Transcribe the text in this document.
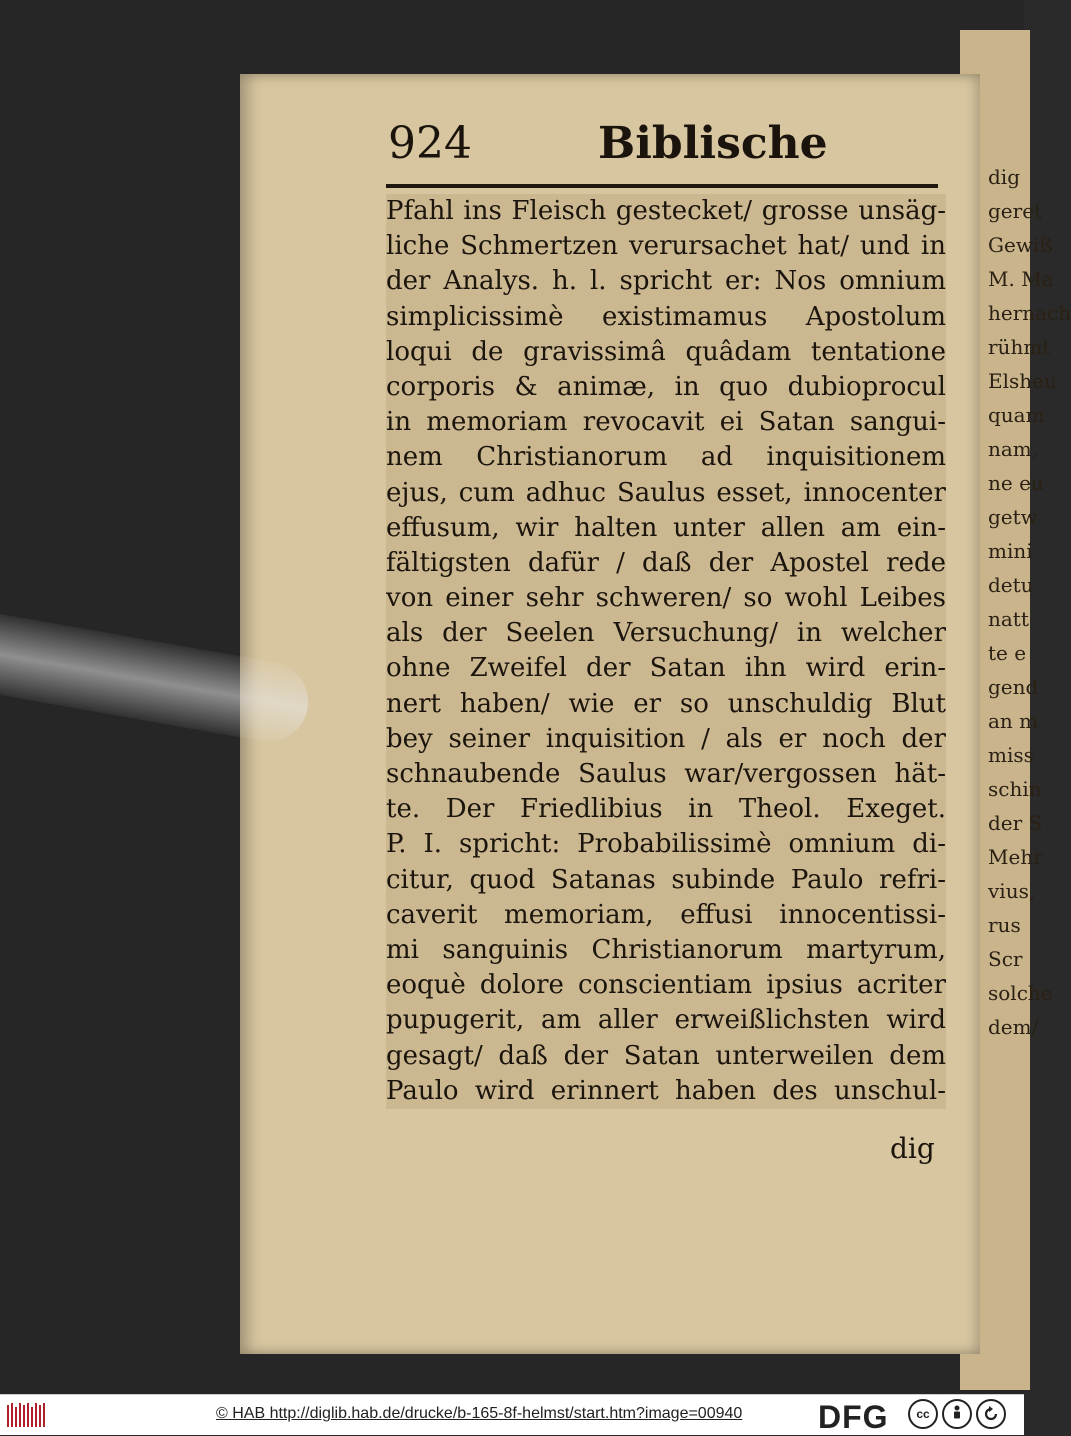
dig
geret
Gewiß
M. Ma
hernach
rühmt
Elsheu
quam
nam,
ne eu
getw
mini
detu
natt
te e
gend
an m
miss
schin
der S
Mehr
vius,
rus
Scr
solche
dem/
924	Biblische
Pfahl ins Fleisch gestecket/ grosse unsäg-
liche Schmertzen verursachet hat/ und in
der Analys. h. l. spricht er: Nos omnium
simplicissimè existimamus Apostolum
loqui de gravissimâ quâdam tentatione
corporis & animæ, in quo dubioprocul
in memoriam revocavit ei Satan sangui-
nem Christianorum ad inquisitionem
ejus, cum adhuc Saulus esset, innocenter
effusum, wir halten unter allen am ein-
fältigsten dafür / daß der Apostel rede
von einer sehr schweren/ so wohl Leibes
als der Seelen Versuchung/ in welcher
ohne Zweifel der Satan ihn wird erin-
nert haben/ wie er so unschuldig Blut
bey seiner inquisition / als er noch der
schnaubende Saulus war/vergossen hät-
te. Der Friedlibius in Theol. Exeget.
P. I. spricht: Probabilissimè omnium di-
citur, quod Satanas subinde Paulo refri-
caverit memoriam, effusi innocentissi-
mi sanguinis Christianorum martyrum,
eoquè dolore conscientiam ipsius acriter
pupugerit, am aller erweißlichsten wird
gesagt/ daß der Satan unterweilen dem
Paulo wird erinnert haben des unschul-
dig
© HAB http://diglib.hab.de/drucke/b-165-8f-helmst/start.htm?image=00940 DFG	cc
